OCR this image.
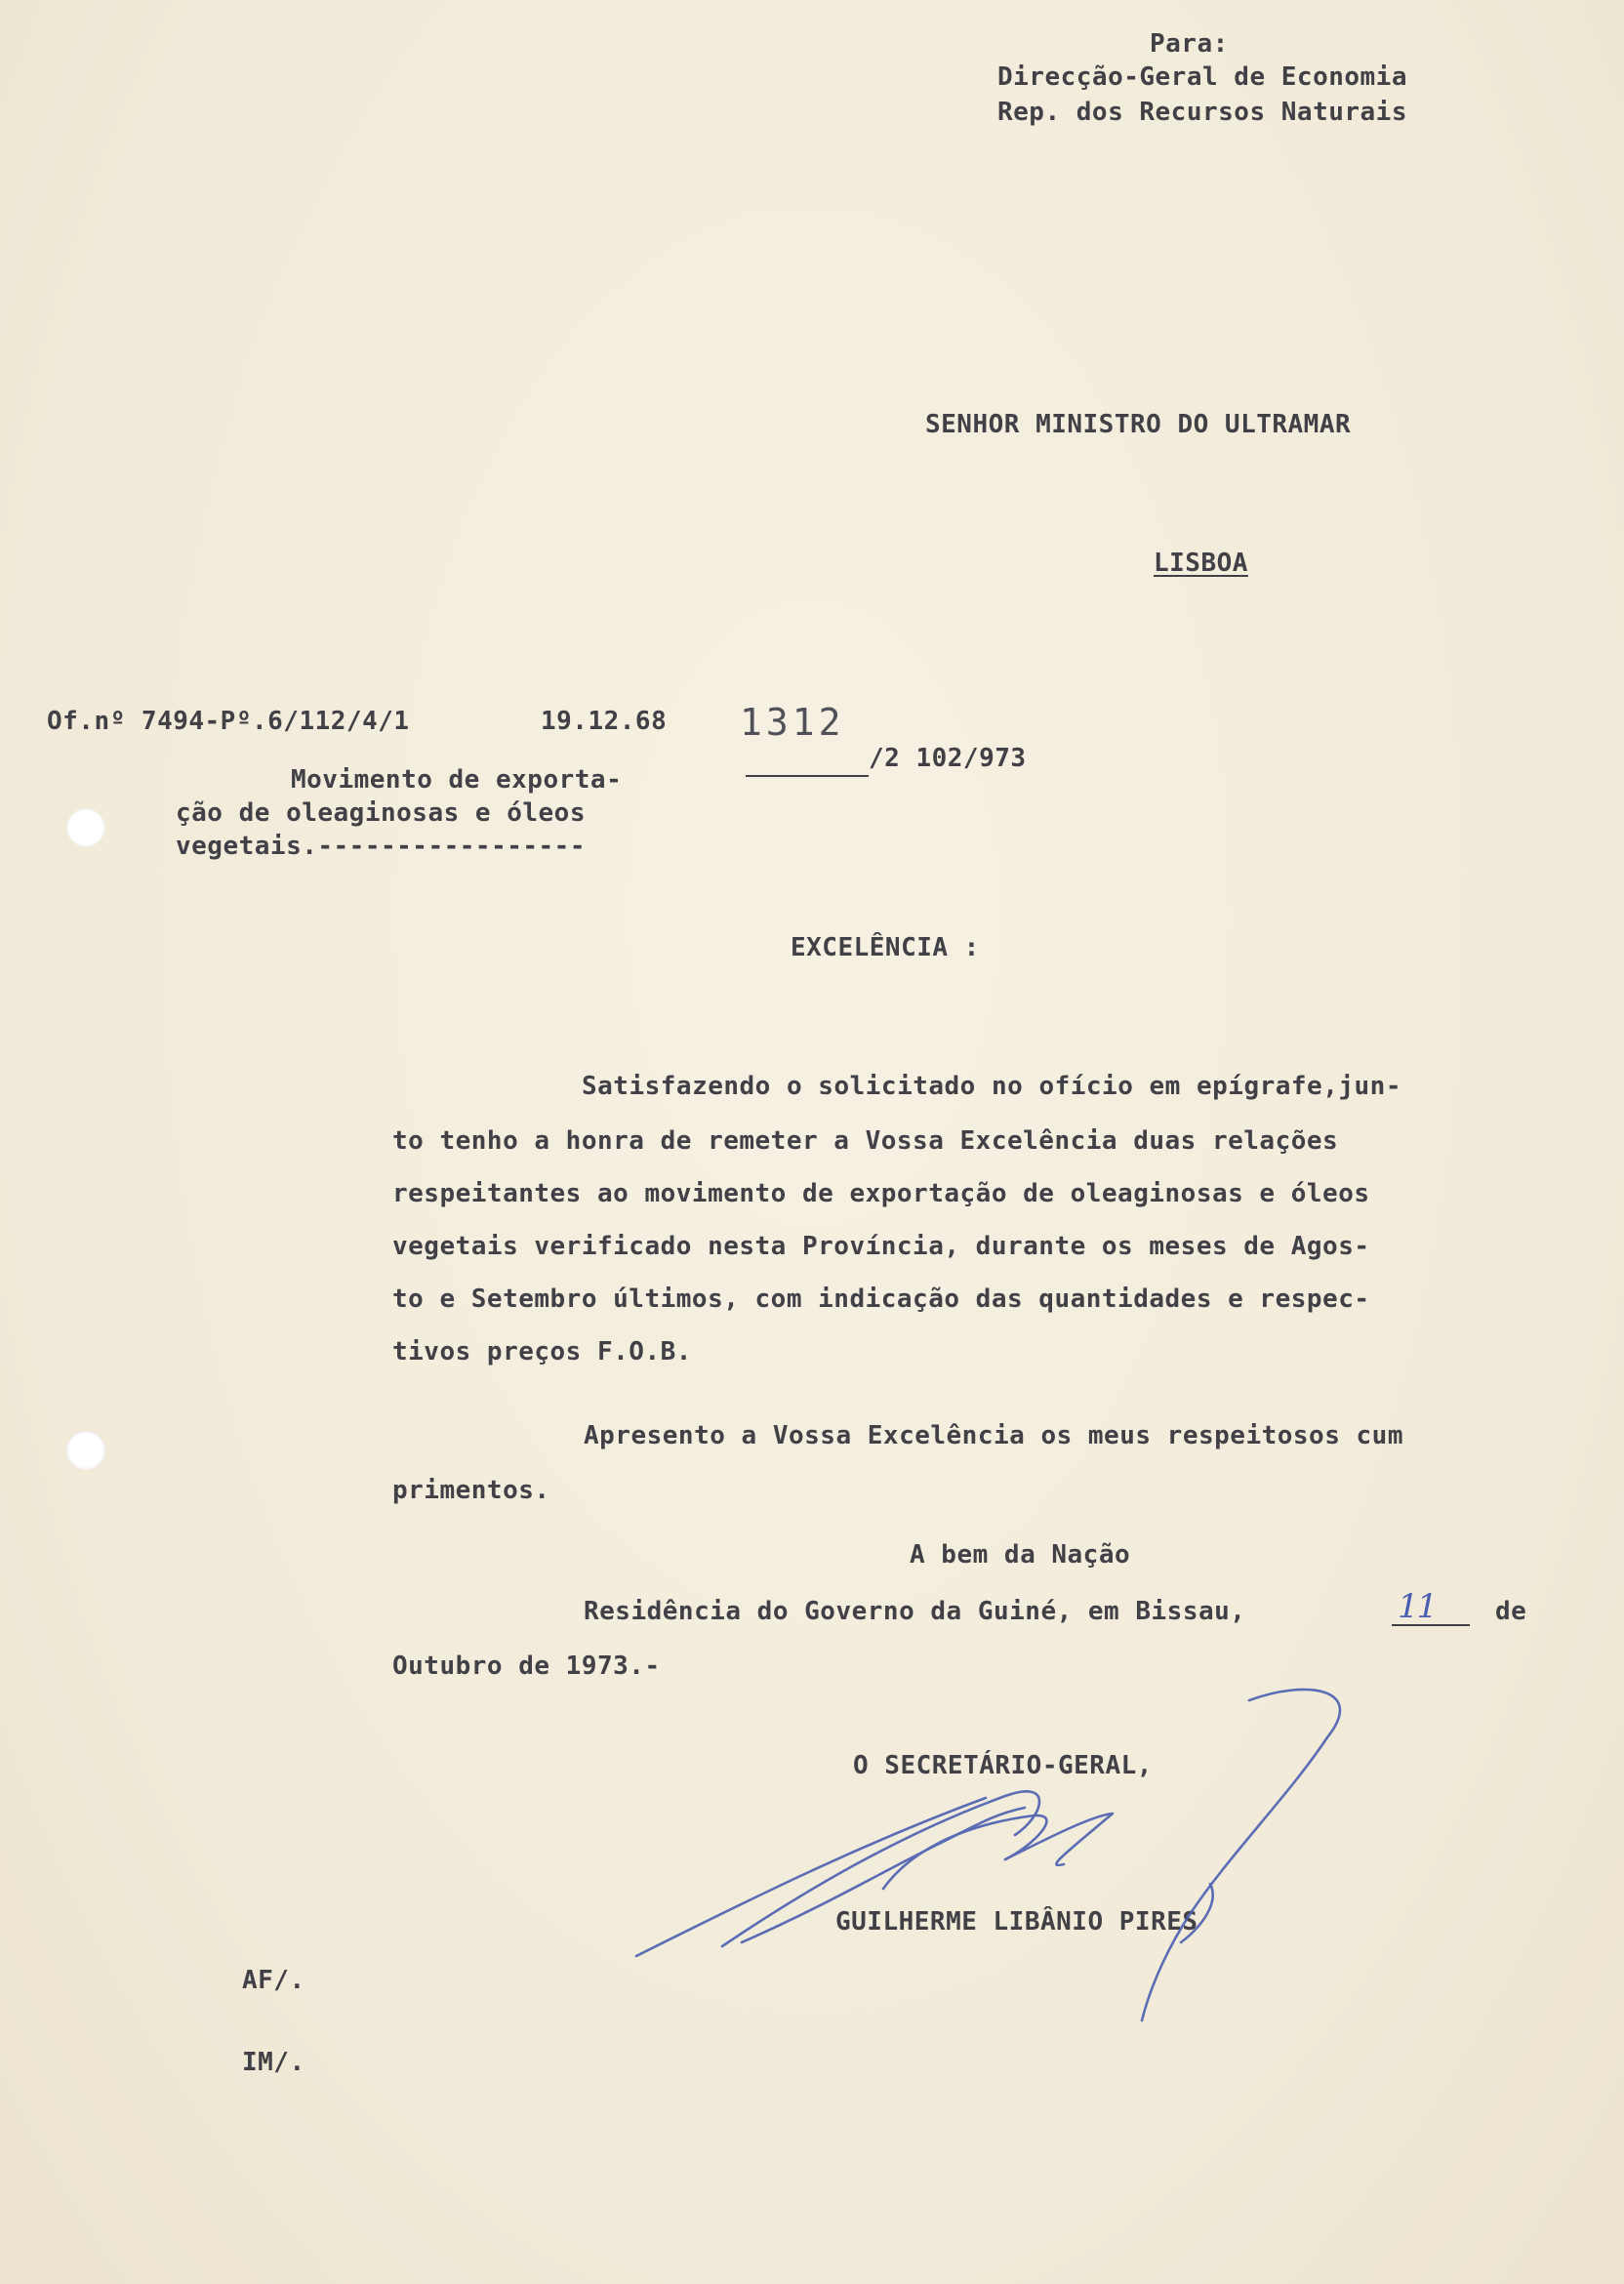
Para:
Direcção-Geral de Economia
Rep. dos Recursos Naturais
SENHOR MINISTRO DO ULTRAMAR
LISBOA
Of.nº 7494-Pº.6/112/4/1	19.12.68 1312
/2 102/973
Movimento de exporta-
ção de oleaginosas e óleos
vegetais.-----------------
EXCELÊNCIA :
Satisfazendo o solicitado no ofício em epígrafe,jun-
to tenho a honra de remeter a Vossa Excelência duas relações
respeitantes ao movimento de exportação de oleaginosas e óleos
vegetais verificado nesta Província, durante os meses de Agos-
to e Setembro últimos, com indicação das quantidades e respec-
tivos preços F.O.B.
Apresento a Vossa Excelência os meus respeitosos cum
primentos.
A bem da Nação
Residência do Governo da Guiné, em Bissau,	11 de
Outubro de 1973.-
O SECRETÁRIO-GERAL,
GUILHERME LIBÂNIO PIRES
AF/.
IM/.
